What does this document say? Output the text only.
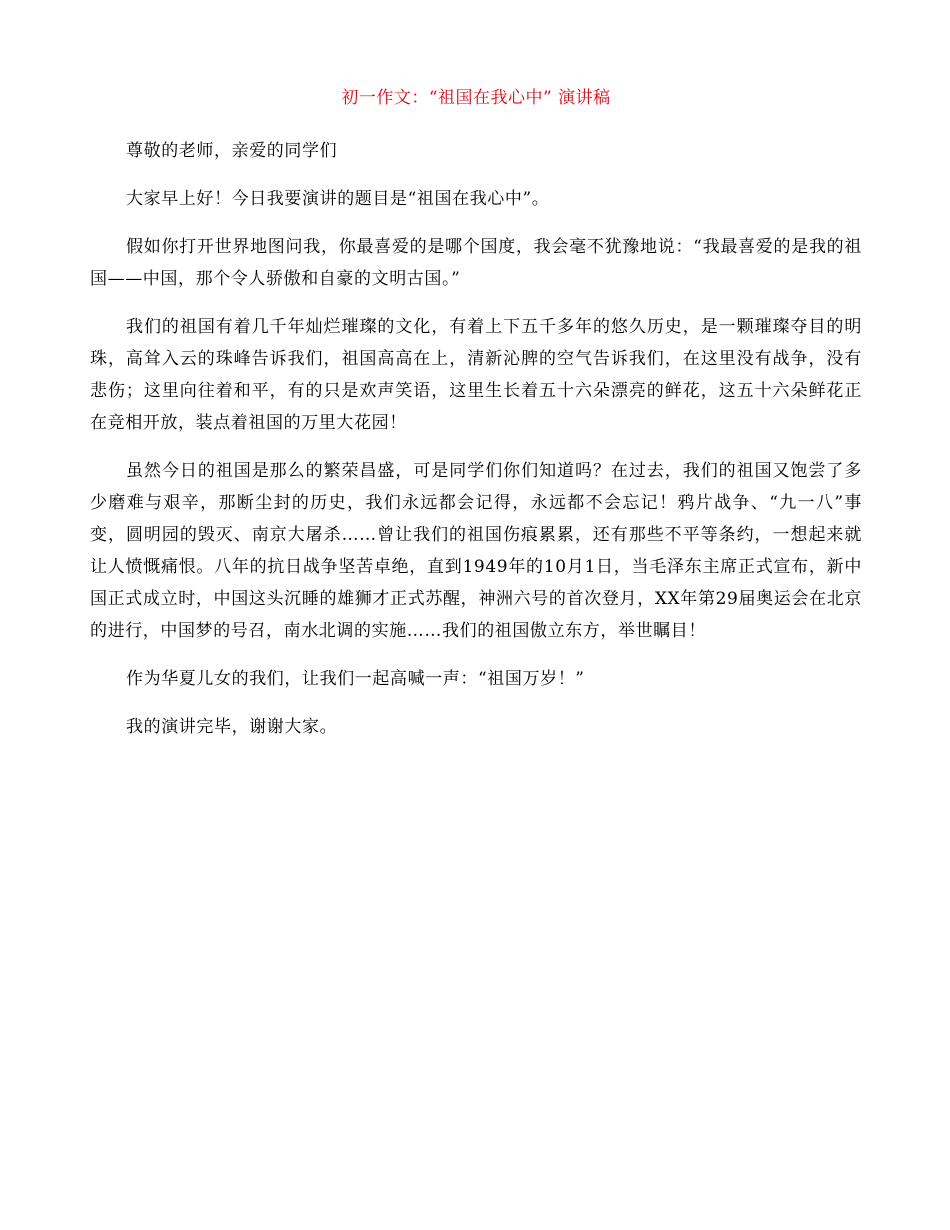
初一作文：“祖国在我心中” 演讲稿

尊敬的老师，亲爱的同学们

大家早上好！今日我要演讲的题目是“祖国在我心中”。

假如你打开世界地图问我，你最喜爱的是哪个国度，我会毫不犹豫地说：“我最喜爱的是我的祖国——中国，那个令人骄傲和自豪的文明古国。”

我们的祖国有着几千年灿烂璀璨的文化，有着上下五千多年的悠久历史，是一颗璀璨夺目的明珠，高耸入云的珠峰告诉我们，祖国高高在上，清新沁脾的空气告诉我们，在这里没有战争，没有悲伤；这里向往着和平，有的只是欢声笑语，这里生长着五十六朵漂亮的鲜花，这五十六朵鲜花正在竞相开放，装点着祖国的万里大花园！

虽然今日的祖国是那么的繁荣昌盛，可是同学们你们知道吗？在过去，我们的祖国又饱尝了多少磨难与艰辛，那断尘封的历史，我们永远都会记得，永远都不会忘记！鸦片战争、“九一八”事变，圆明园的毁灭、南京大屠杀……曾让我们的祖国伤痕累累，还有那些不平等条约，一想起来就让人愤慨痛恨。八年的抗日战争坚苦卓绝，直到1949年的10月1日，当毛泽东主席正式宣布，新中国正式成立时，中国这头沉睡的雄狮才正式苏醒，神洲六号的首次登月，XX年第29届奥运会在北京的进行，中国梦的号召，南水北调的实施……我们的祖国傲立东方，举世瞩目！

作为华夏儿女的我们，让我们一起高喊一声：“祖国万岁！”

我的演讲完毕，谢谢大家。
